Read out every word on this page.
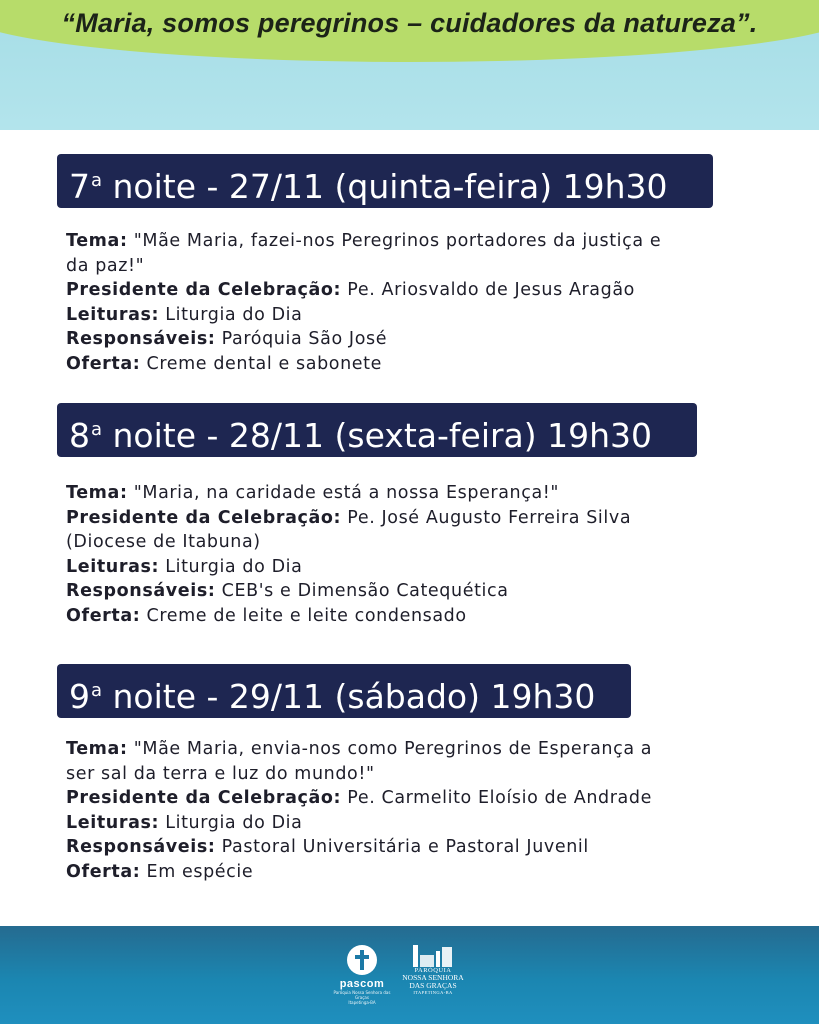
“Maria, somos peregrinos – cuidadores da natureza”.
7$^a$ noite - 27/11 (quinta-feira) 19h30
Tema: "Mãe Maria, fazei-nos Peregrinos portadores da justiça e
da paz!"
Presidente da Celebração: Pe. Ariosvaldo de Jesus Aragão
Leituras: Liturgia do Dia
Responsáveis: Paróquia São José
Oferta: Creme dental e sabonete
8$^a$ noite - 28/11 (sexta-feira) 19h30
Tema: "Maria, na caridade está a nossa Esperança!"
Presidente da Celebração: Pe. José Augusto Ferreira Silva
(Diocese de Itabuna)
Leituras: Liturgia do Dia
Responsáveis: CEB's e Dimensão Catequética
Oferta: Creme de leite e leite condensado
9$^a$ noite - 29/11 (sábado) 19h30
Tema: "Mãe Maria, envia-nos como Peregrinos de Esperança a
ser sal da terra e luz do mundo!"
Presidente da Celebração: Pe. Carmelito Eloísio de Andrade
Leituras: Liturgia do Dia
Responsáveis: Pastoral Universitária e Pastoral Juvenil
Oferta: Em espécie
pascom
Paróquia Nossa Senhora das Graças
Itapetinga-BA
PARÓQUIA
NOSSA SENHORA
DAS GRAÇAS
ITAPETINGA-BA
